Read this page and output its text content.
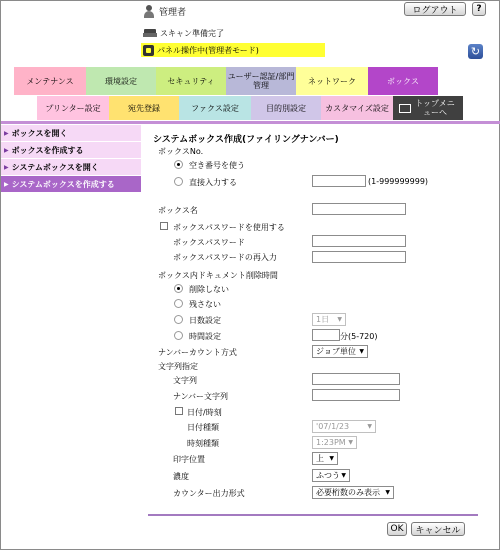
管理者	ログアウト	?
スキャン準備完了
パネル操作中(管理者モード)	↻
メンテナンス	環境設定	セキュリティ	ユーザー認証/部門管理	ネットワーク	ボックス
プリンター設定	宛先登録	ファクス設定	目的別設定	カスタマイズ設定	トップメニューへ
▶ ボックスを開く
▶ ボックスを作成する
▶ システムボックスを開く
▶ システムボックスを作成する
システムボックス作成(ファイリングナンバー)
ボックスNo.
空き番号を使う
直接入力する	(1-999999999)
ボックス名
ボックスパスワードを使用する
ボックスパスワード
ボックスパスワードの再入力
ボックス内ドキュメント削除時間
削除しない
残さない
日数設定	1日 ▼
時間設定	分(5-720)
ナンバーカウント方式	ジョブ単位 ▼
文字列指定
文字列
ナンバー文字列
日付/時刻
日付種類	'07/1/23	▼
時刻種類	1:23PM ▼
印字位置	上 ▼
濃度	ふつう ▼
カウンター出力形式	必要桁数のみ表示 ▼
OK	キャンセル
